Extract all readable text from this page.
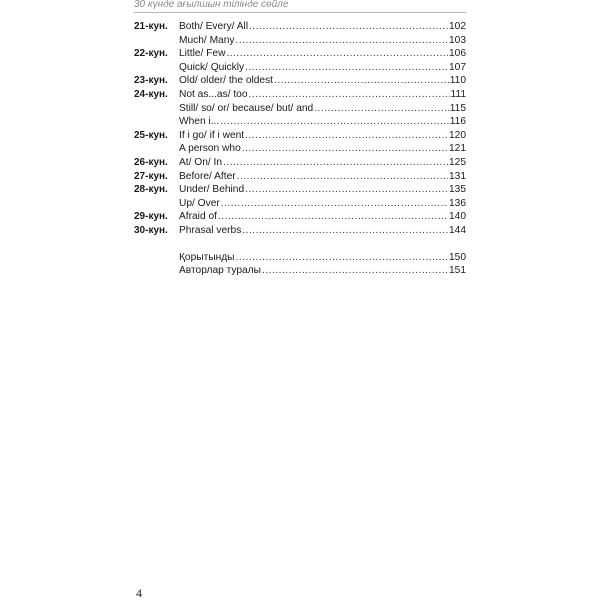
30 күнде ағылшын тілінде сөйле
21-кун.	Both/ Every/ All .....	102
Much/ Many .....	103
22-кун.	Little/ Few .....	106
Quick/ Quickly .....	107
23-кун.	Old/ older/ the oldest .....	110
24-кун.	Not as...as/ too .....	111
Still/ so/ or/ because/ but/ and .....	115
When i... .....	116
25-кун.	If i go/ if i went .....	120
A person who .....	121
26-кун.	At/ On/ In .....	125
27-кун.	Before/ After .....	131
28-кун.	Under/ Behind .....	135
Up/ Over .....	136
29-кун.	Afraid of .....	140
30-кун.	Phrasal verbs .....	144
Қорытынды .....	150
Авторлар туралы .....	151
4
